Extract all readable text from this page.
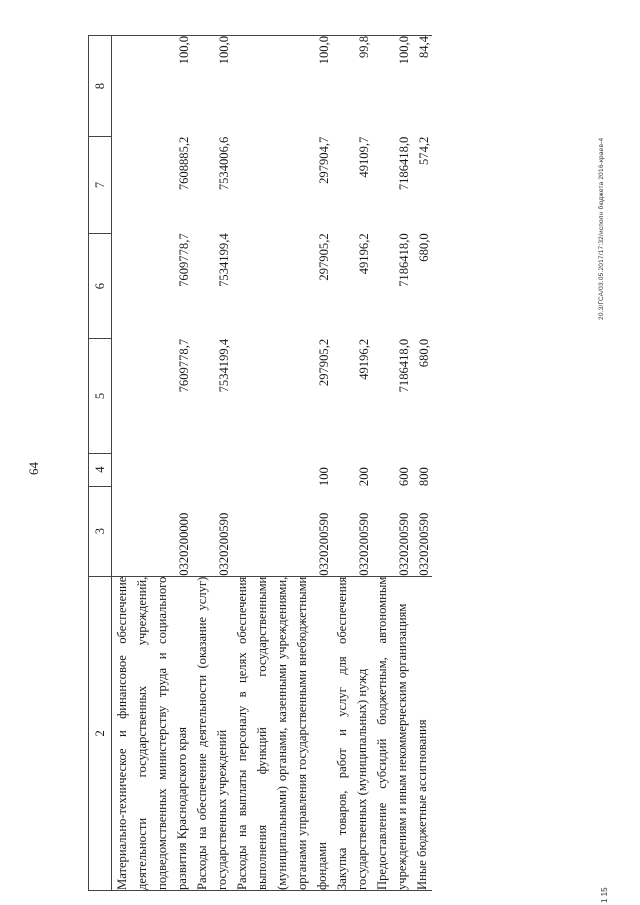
64
2	3	4	5	6	7	8
Материально-техническое и финансовое обеспечение деятельности государственных учреждений, подведомственных министерству труда и социального развития Краснодарского края	0320200000		7609778,7	7609778,7	7608885,2	100,0
Расходы на обеспечение деятельности (оказание услуг) государственных учреждений	0320200590		7534199,4	7534199,4	7534006,6	100,0
Расходы на выплаты персоналу в целях обеспечения выполнения функций государственными (муниципальными) органами, казенными учреждениями, органами управления государственными внебюджетными фондами	0320200590	100	297905,2	297905,2	297904,7	100,0
Закупка товаров, работ и услуг для обеспечения государственных (муниципальных) нужд	0320200590	200	49196,2	49196,2	49109,7	99,8
Предоставление субсидий бюджетным, автономным учреждениям и иным некоммерческим организациям	0320200590	600	7186418,0	7186418,0	7186418,0	100,0
Иные бюджетные ассигнования	0320200590	800	680,0	680,0	574,2	84,4
20.3/ГСА/03.05.2017/17:32/исполн бюджета 2016-краев-4
1 15
